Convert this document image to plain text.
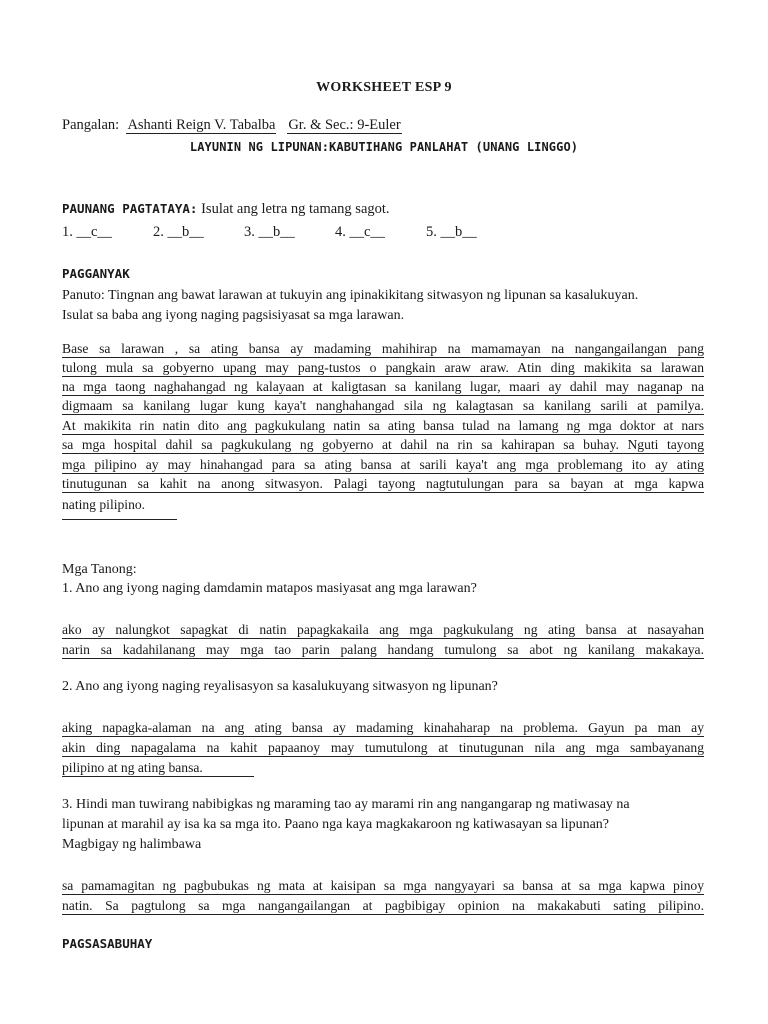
WORKSHEET ESP 9
Pangalan: Ashanti Reign V. Tabalba Gr. & Sec.: 9-Euler
LAYUNIN NG LIPUNAN:KABUTIHANG PANLAHAT (UNANG LINGGO)
PAUNANG PAGTATAYA: Isulat ang letra ng tamang sagot.
1. __c__	2. __b__	3. __b__	4. __c__	5. __b__
PAGGANYAK
Panuto: Tingnan ang bawat larawan at tukuyin ang ipinakikitang sitwasyon ng lipunan sa kasalukuyan.
Isulat sa baba ang iyong naging pagsisiyasat sa mga larawan.
Base sa larawan , sa ating bansa ay madaming mahihirap na mamamayan na nangangailangan pang
tulong mula sa gobyerno upang may pang-tustos o pangkain araw araw. Atin ding makikita sa larawan
na mga taong naghahangad ng kalayaan at kaligtasan sa kanilang lugar, maari ay dahil may naganap na
digmaam sa kanilang lugar kung kaya't nanghahangad sila ng kalagtasan sa kanilang sarili at pamilya.
At makikita rin natin dito ang pagkukulang natin sa ating bansa tulad na lamang ng mga doktor at nars
sa mga hospital dahil sa pagkukulang ng gobyerno at dahil na rin sa kahirapan sa buhay. Nguti tayong
mga pilipino ay may hinahangad para sa ating bansa at sarili kaya't ang mga problemang ito ay ating
tinutugunan sa kahit na anong sitwasyon. Palagi tayong nagtutulungan para sa bayan at mga kapwa
nating pilipino.
Mga Tanong:
1. Ano ang iyong naging damdamin matapos masiyasat ang mga larawan?
ako ay nalungkot sapagkat di natin papagkakaila ang mga pagkukulang ng ating bansa at nasayahan
narin sa kadahilanang may mga tao parin palang handang tumulong sa abot ng kanilang makakaya.
2. Ano ang iyong naging reyalisasyon sa kasalukuyang sitwasyon ng lipunan?
aking napagka-alaman na ang ating bansa ay madaming kinahaharap na problema. Gayun pa man ay
akin ding napagalama na kahit papaanoy may tumutulong at tinutugunan nila ang mga sambayanang
pilipino at ng ating bansa.
3. Hindi man tuwirang nabibigkas ng maraming tao ay marami rin ang nangangarap ng matiwasay na
lipunan at marahil ay isa ka sa mga ito. Paano nga kaya magkakaroon ng katiwasayan sa lipunan?
Magbigay ng halimbawa
sa pamamagitan ng pagbubukas ng mata at kaisipan sa mga nangyayari sa bansa at sa mga kapwa pinoy
natin. Sa pagtulong sa mga nangangailangan at pagbibigay opinion na makakabuti sating pilipino.
PAGSASABUHAY
